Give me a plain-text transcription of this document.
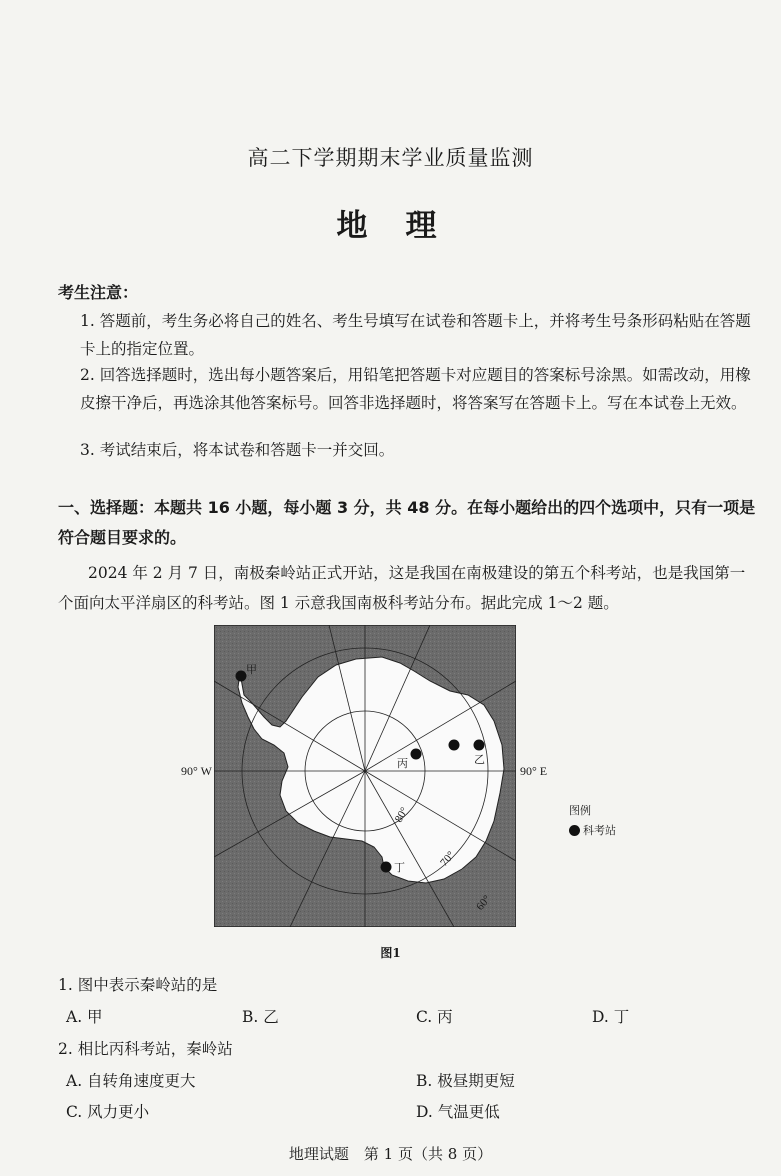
高二下学期期末学业质量监测
地理
考生注意：
1. 答题前，考生务必将自己的姓名、考生号填写在试卷和答题卡上，并将考生号条形码粘贴在答题卡上的指定位置。
2. 回答选择题时，选出每小题答案后，用铅笔把答题卡对应题目的答案标号涂黑。如需改动，用橡皮擦干净后，再选涂其他答案标号。回答非选择题时，将答案写在答题卡上。写在本试卷上无效。
3. 考试结束后，将本试卷和答题卡一并交回。
一、选择题：本题共 16 小题，每小题 3 分，共 48 分。在每小题给出的四个选项中，只有一项是符合题目要求的。
2024 年 2 月 7 日，南极秦岭站正式开站，这是我国在南极建设的第五个科考站，也是我国第一个面向太平洋扇区的科考站。图 1 示意我国南极科考站分布。据此完成 1～2 题。
甲
乙
丙
丁
80°
70°
60°
90° W	90° E
图例
科考站
图1
1. 图中表示秦岭站的是
A. 甲	B. 乙	C. 丙	D. 丁
2. 相比丙科考站，秦岭站
A. 自转角速度更大	B. 极昼期更短
C. 风力更小	D. 气温更低
地理试题　第 1 页（共 8 页）
